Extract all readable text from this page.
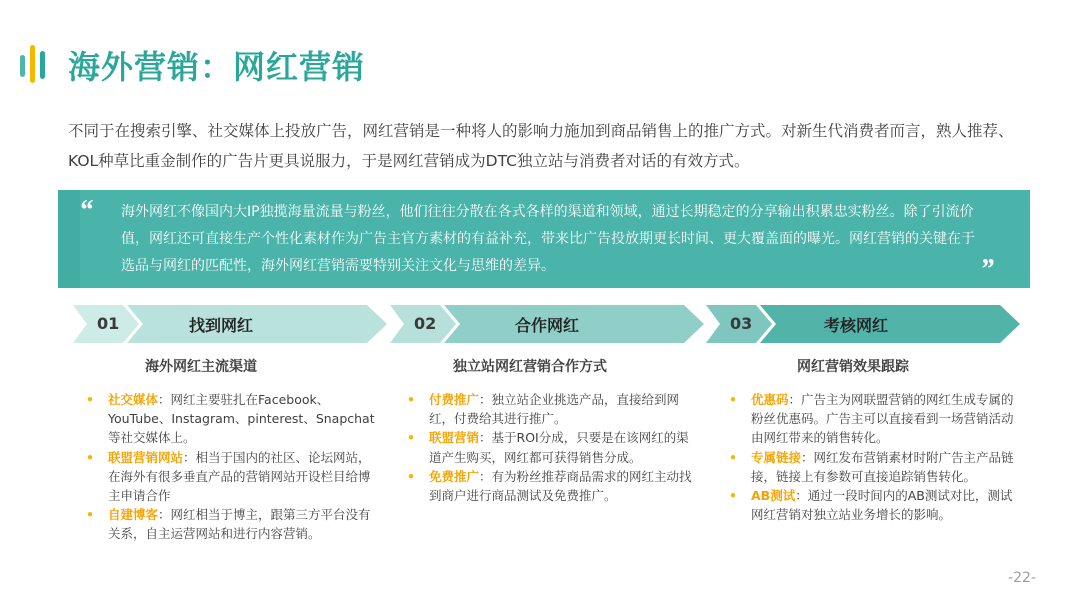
海外营销：网红营销

不同于在搜索引擎、社交媒体上投放广告，网红营销是一种将人的影响力施加到商品销售上的推广方式。对新生代消费者而言，熟人推荐、 KOL种草比重金制作的广告片更具说服力，于是网红营销成为DTC独立站与消费者对话的有效方式。

“ 海外网红不像国内大IP独揽海量流量与粉丝，他们往往分散在各式各样的渠道和领域，通过长期稳定的分享输出积累忠实粉丝。除了引流价值，网红还可直接生产个性化素材作为广告主官方素材的有益补充，带来比广告投放期更长时间、更大覆盖面的曝光。网红营销的关键在于选品与网红的匹配性，海外网红营销需要特别关注文化与思维的差异。	”
01	找到网红	02	合作网红	03	考核网红
海外网红主流渠道	独立站网红营销合作方式	网红营销效果跟踪
• 社交媒体：网红主要驻扎在Facebook、YouTube、Instagram、pinterest、Snapchat等社交媒体上。
• 联盟营销网站：相当于国内的社区、论坛网站，在海外有很多垂直产品的营销网站开设栏目给博主申请合作
• 自建博客：网红相当于博主，跟第三方平台没有关系，自主运营网站和进行内容营销。
• 付费推广：独立站企业挑选产品，直接给到网红，付费给其进行推广。
• 联盟营销：基于ROI分成，只要是在该网红的渠道产生购买，网红都可获得销售分成。
• 免费推广：有为粉丝推荐商品需求的网红主动找到商户进行商品测试及免费推广。
• 优惠码：广告主为网联盟营销的网红生成专属的粉丝优惠码。广告主可以直接看到一场营销活动由网红带来的销售转化。
• 专属链接：网红发布营销素材时附广告主产品链接，链接上有参数可直接追踪销售转化。
• AB测试：通过一段时间内的AB测试对比，测试网红营销对独立站业务增长的影响。
-22-
